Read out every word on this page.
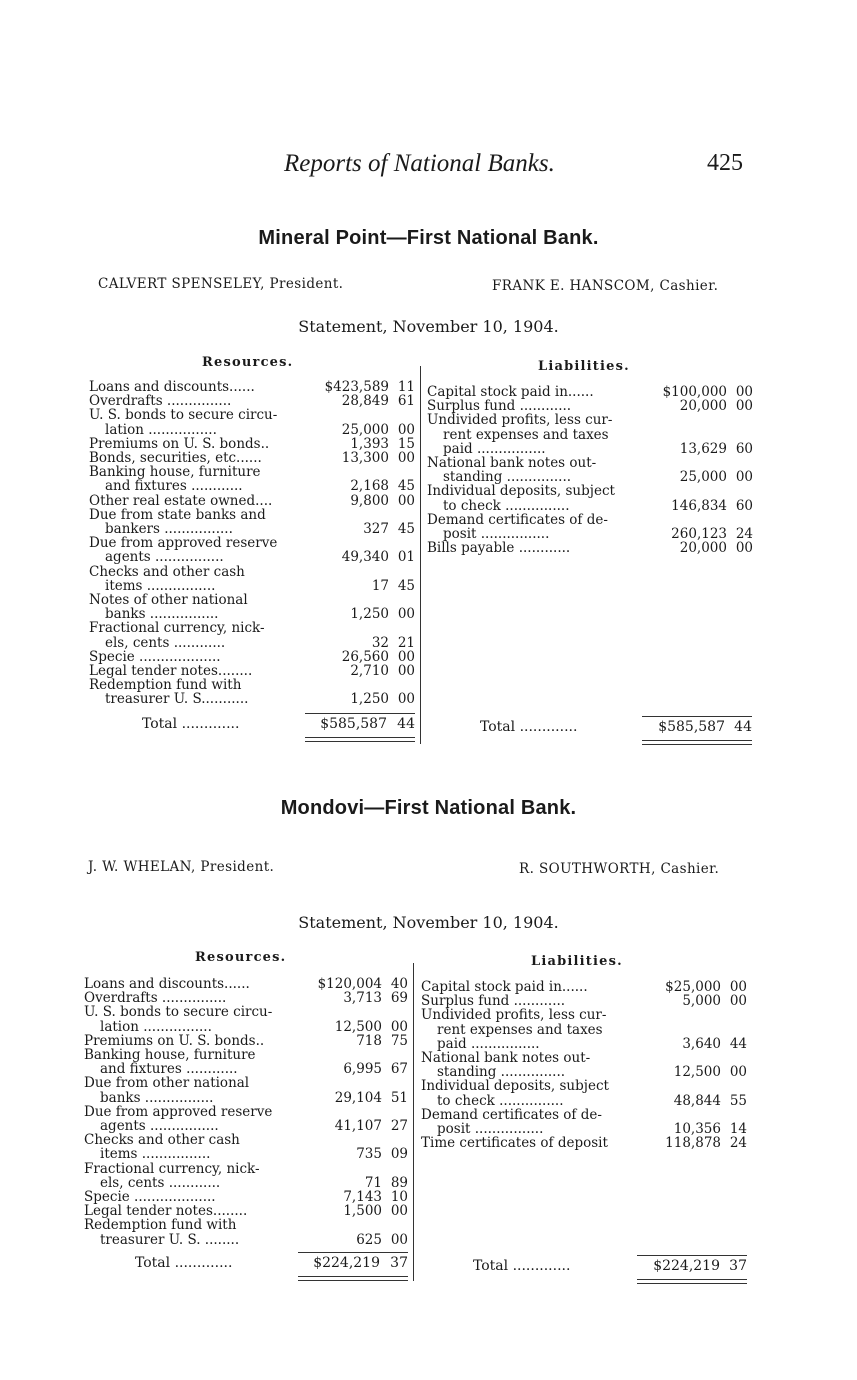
Reports of National Banks.	425
Mineral Point—First National Bank.
CALVERT SPENSELEY, President.	FRANK E. HANSCOM, Cashier.
Statement, November 10, 1904.
Resources.	Liabilities.
Loans and discounts......	$423,589 11
Overdrafts ...............	28,849 61
U. S. bonds to secure circu-
lation ................	25,000 00
Premiums on U. S. bonds..	1,393 15
Bonds, securities, etc......	13,300 00
Banking house, furniture
and fixtures ............	2,168 45
Other real estate owned....	9,800 00
Due from state banks and
bankers ................	327 45
Due from approved reserve
agents ................	49,340 01
Checks and other cash
items ................	17 45
Notes of other national
banks ................	1,250 00
Fractional currency, nick-
els, cents ............	32 21
Specie ...................	26,560 00
Legal tender notes........	2,710 00
Redemption fund with
treasurer U. S...........	1,250 00
Capital stock paid in......	$100,000 00
Surplus fund ............	20,000 00
Undivided profits, less cur-
rent expenses and taxes
paid ................	13,629 60
National bank notes out-
standing ...............	25,000 00
Individual deposits, subject
to check ...............	146,834 60
Demand certificates of de-
posit ................	260,123 24
Bills payable ............	20,000 00
Total .............	$585,587 44	Total .............	$585,587 44
Mondovi—First National Bank.
J. W. WHELAN, President.	R. SOUTHWORTH, Cashier.
Statement, November 10, 1904.
Resources.	Liabilities.
Loans and discounts......	$120,004 40
Overdrafts ...............	3,713 69
U. S. bonds to secure circu-
lation ................	12,500 00
Premiums on U. S. bonds..	718 75
Banking house, furniture
and fixtures ............	6,995 67
Due from other national
banks ................	29,104 51
Due from approved reserve
agents ................	41,107 27
Checks and other cash
items ................	735 09
Fractional currency, nick-
els, cents ............	71 89
Specie ...................	7,143 10
Legal tender notes........	1,500 00
Redemption fund with
treasurer U. S. ........	625 00
Capital stock paid in......	$25,000 00
Surplus fund ............	5,000 00
Undivided profits, less cur-
rent expenses and taxes
paid ................	3,640 44
National bank notes out-
standing ...............	12,500 00
Individual deposits, subject
to check ...............	48,844 55
Demand certificates of de-
posit ................	10,356 14
Time certificates of deposit	118,878 24
Total .............	$224,219 37	Total .............	$224,219 37
